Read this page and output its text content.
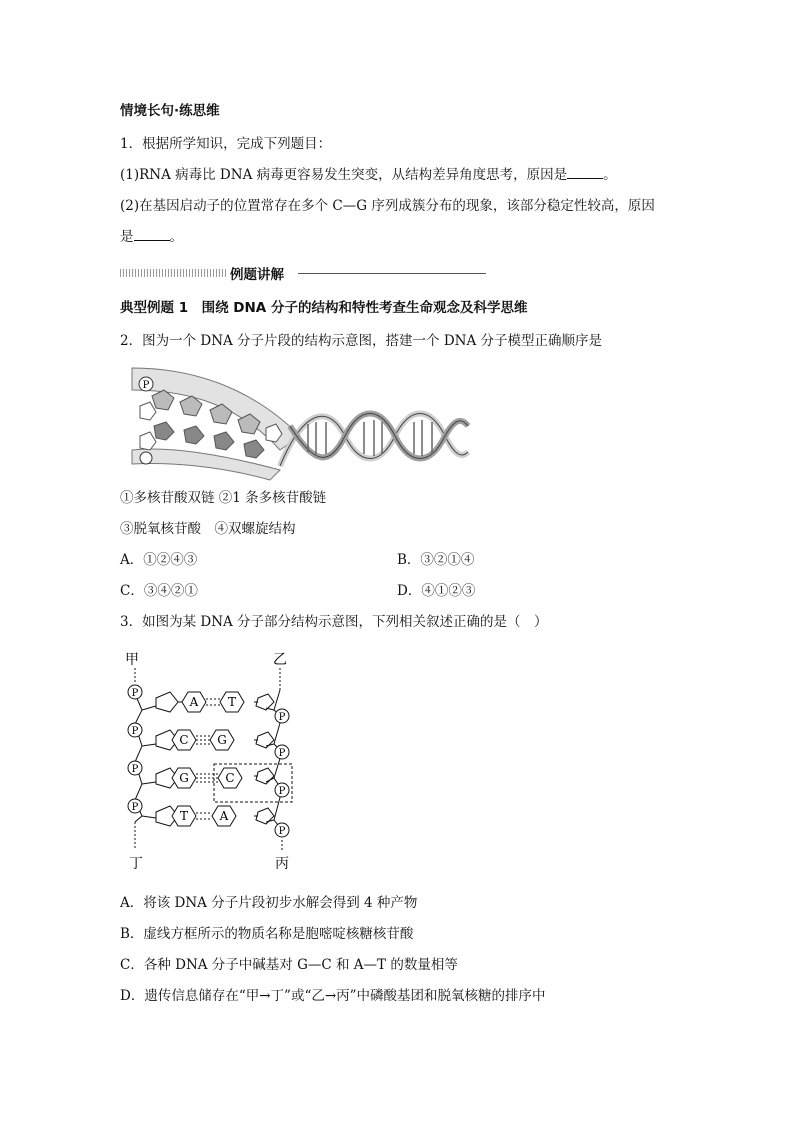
情境长句·练思维
1．根据所学知识，完成下列题目：
(1)RNA 病毒比 DNA 病毒更容易发生突变，从结构差异角度思考，原因是	。
(2)在基因启动子的位置常存在多个 C—G 序列成簇分布的现象，该部分稳定性较高，原因
是	。
例题讲解
典型例题 1　围绕 DNA 分子的结构和特性考查生命观念及科学思维
2．图为一个 DNA 分子片段的结构示意图，搭建一个 DNA 分子模型正确顺序是
P
①多核苷酸双链 ②1 条多核苷酸链
③脱氧核苷酸　④双螺旋结构
A．①②④③	B．③②①④
C．③④②①	D．④①②③
3．如图为某 DNA 分子部分结构示意图，下列相关叙述正确的是（　）
甲	乙
丁	丙
P
P
P
P
P
P
P
P
A T
C G
G	C
T	A
A．将该 DNA 分子片段初步水解会得到 4 种产物
B．虚线方框所示的物质名称是胞嘧啶核糖核苷酸
C．各种 DNA 分子中碱基对 G—C 和 A—T 的数量相等
D．遗传信息储存在“甲→丁”或“乙→丙”中磷酸基团和脱氧核糖的排序中
